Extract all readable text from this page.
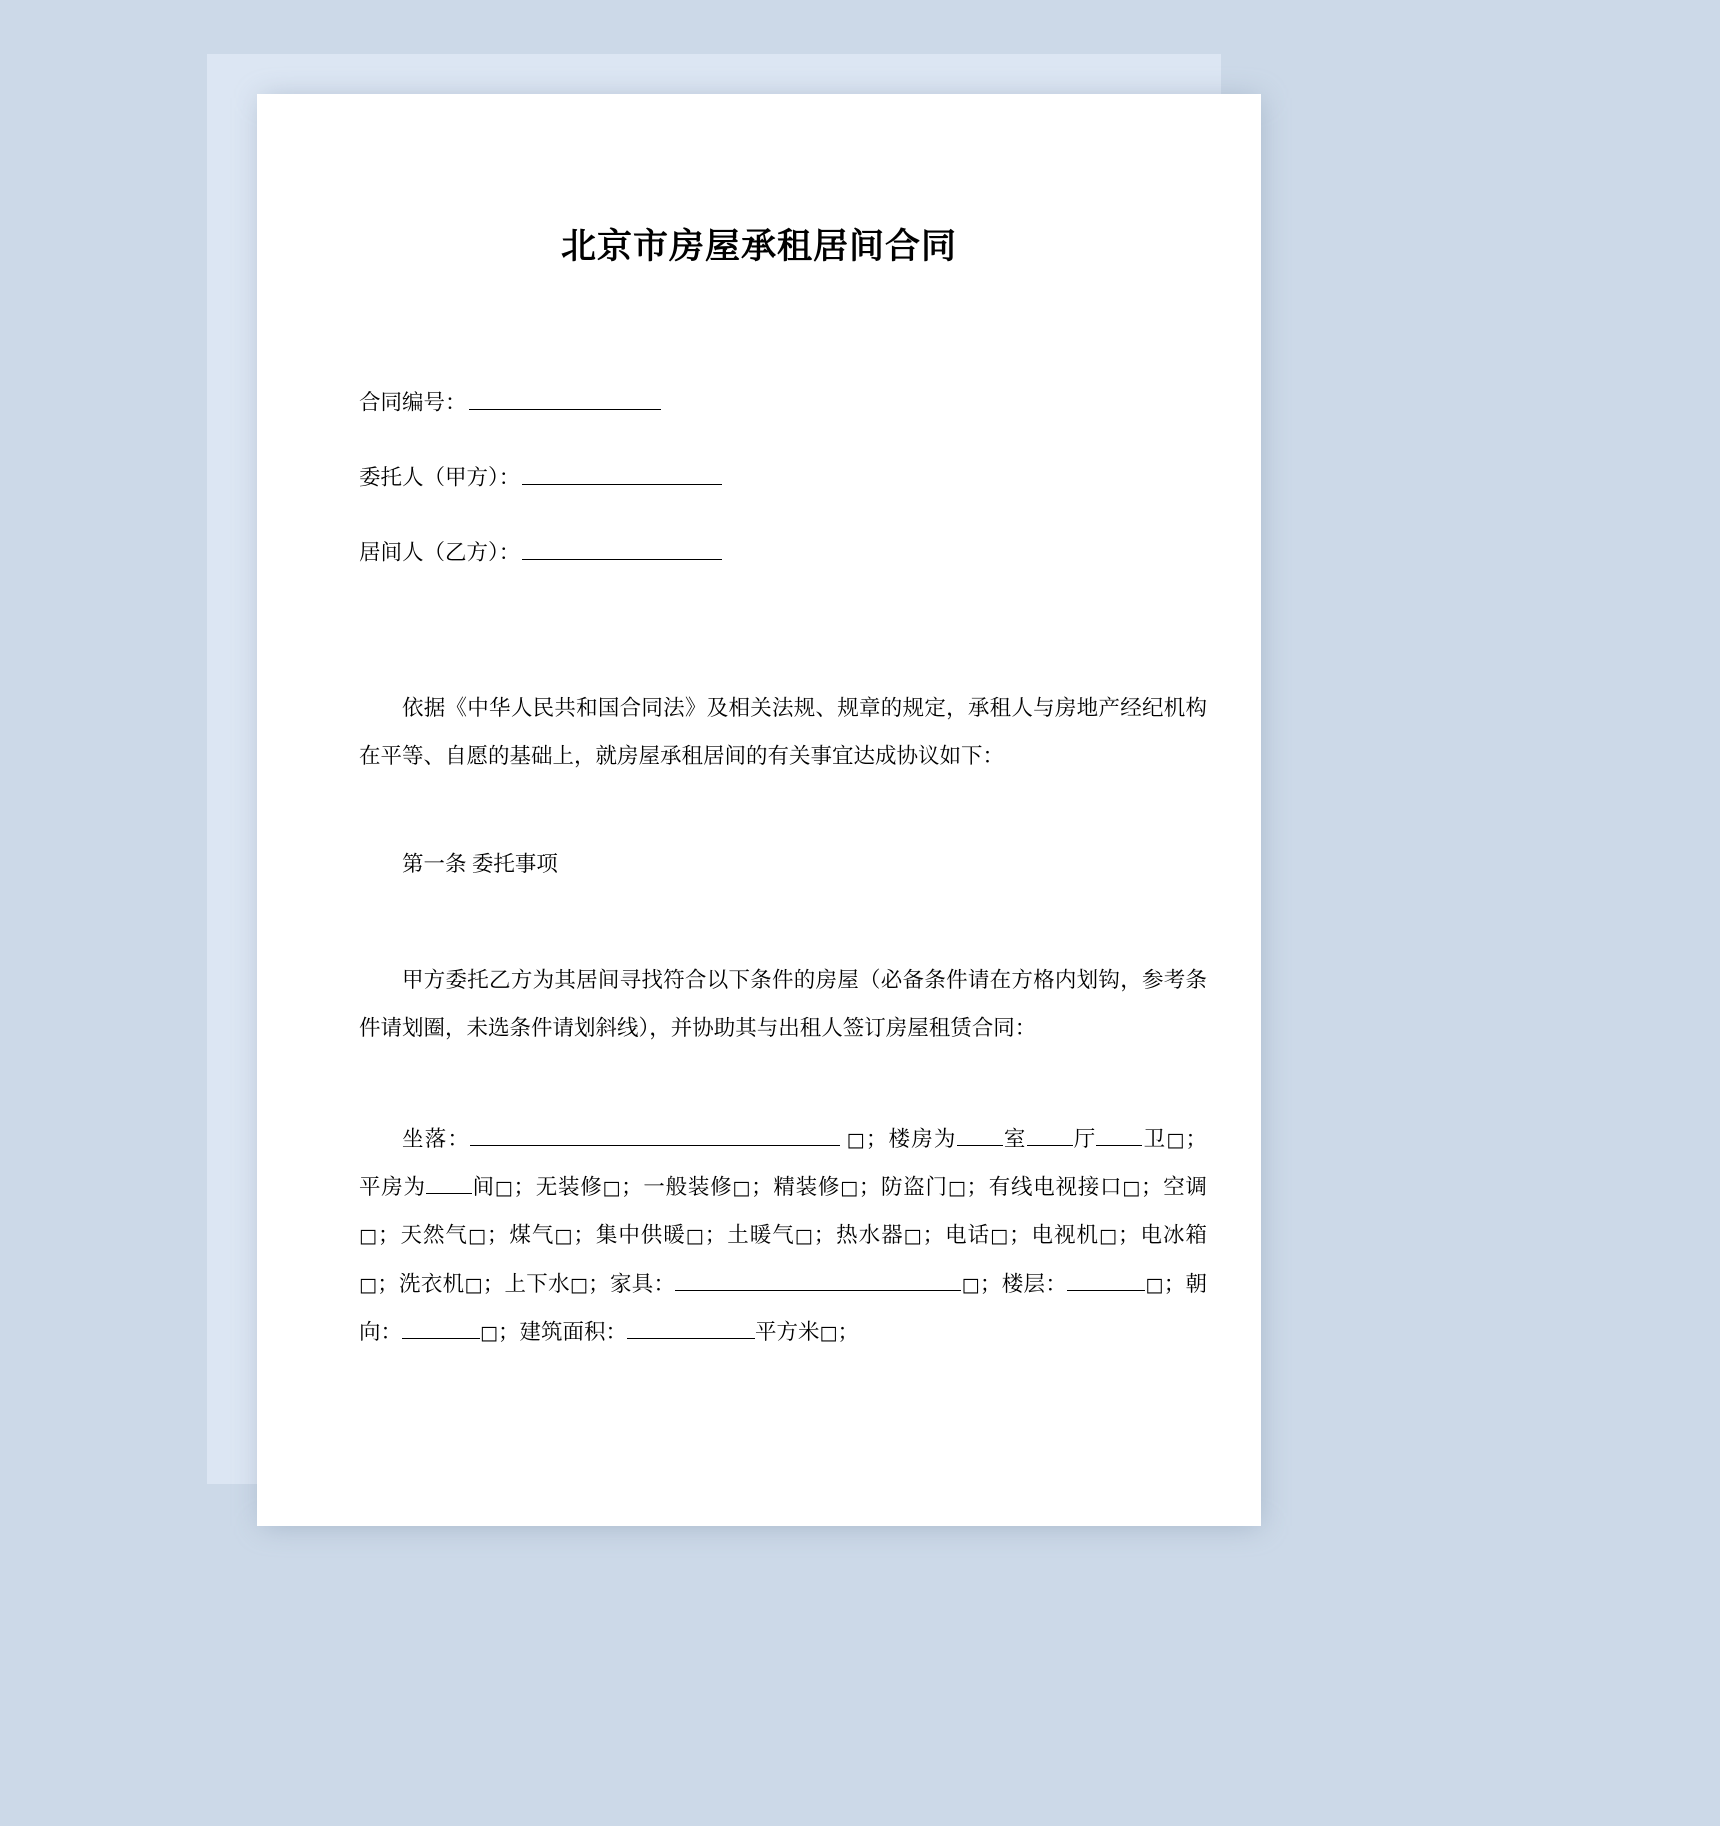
北京市房屋承租居间合同
合同编号：
委托人（甲方）：
居间人（乙方）：
依据《中华人民共和国合同法》及相关法规、规章的规定，承租人与房地产经纪机构在平等、自愿的基础上，就房屋承租居间的有关事宜达成协议如下：
第一条 委托事项
甲方委托乙方为其居间寻找符合以下条件的房屋（必备条件请在方格内划钩，参考条件请划圈，未选条件请划斜线），并协助其与出租人签订房屋租赁合同：
坐落：	□；楼房为 室 厅 卫□；平房为 间□；无装修□；一般装修□；精装修□；防盗门□；有线电视接口□；空调□；天然气□；煤气□；集中供暖□；土暖气□；热水器□；电话□；电视机□；电冰箱□；洗衣机□；上下水□；家具：	□；楼层：	□；朝向：	□；建筑面积：	平方米□；
